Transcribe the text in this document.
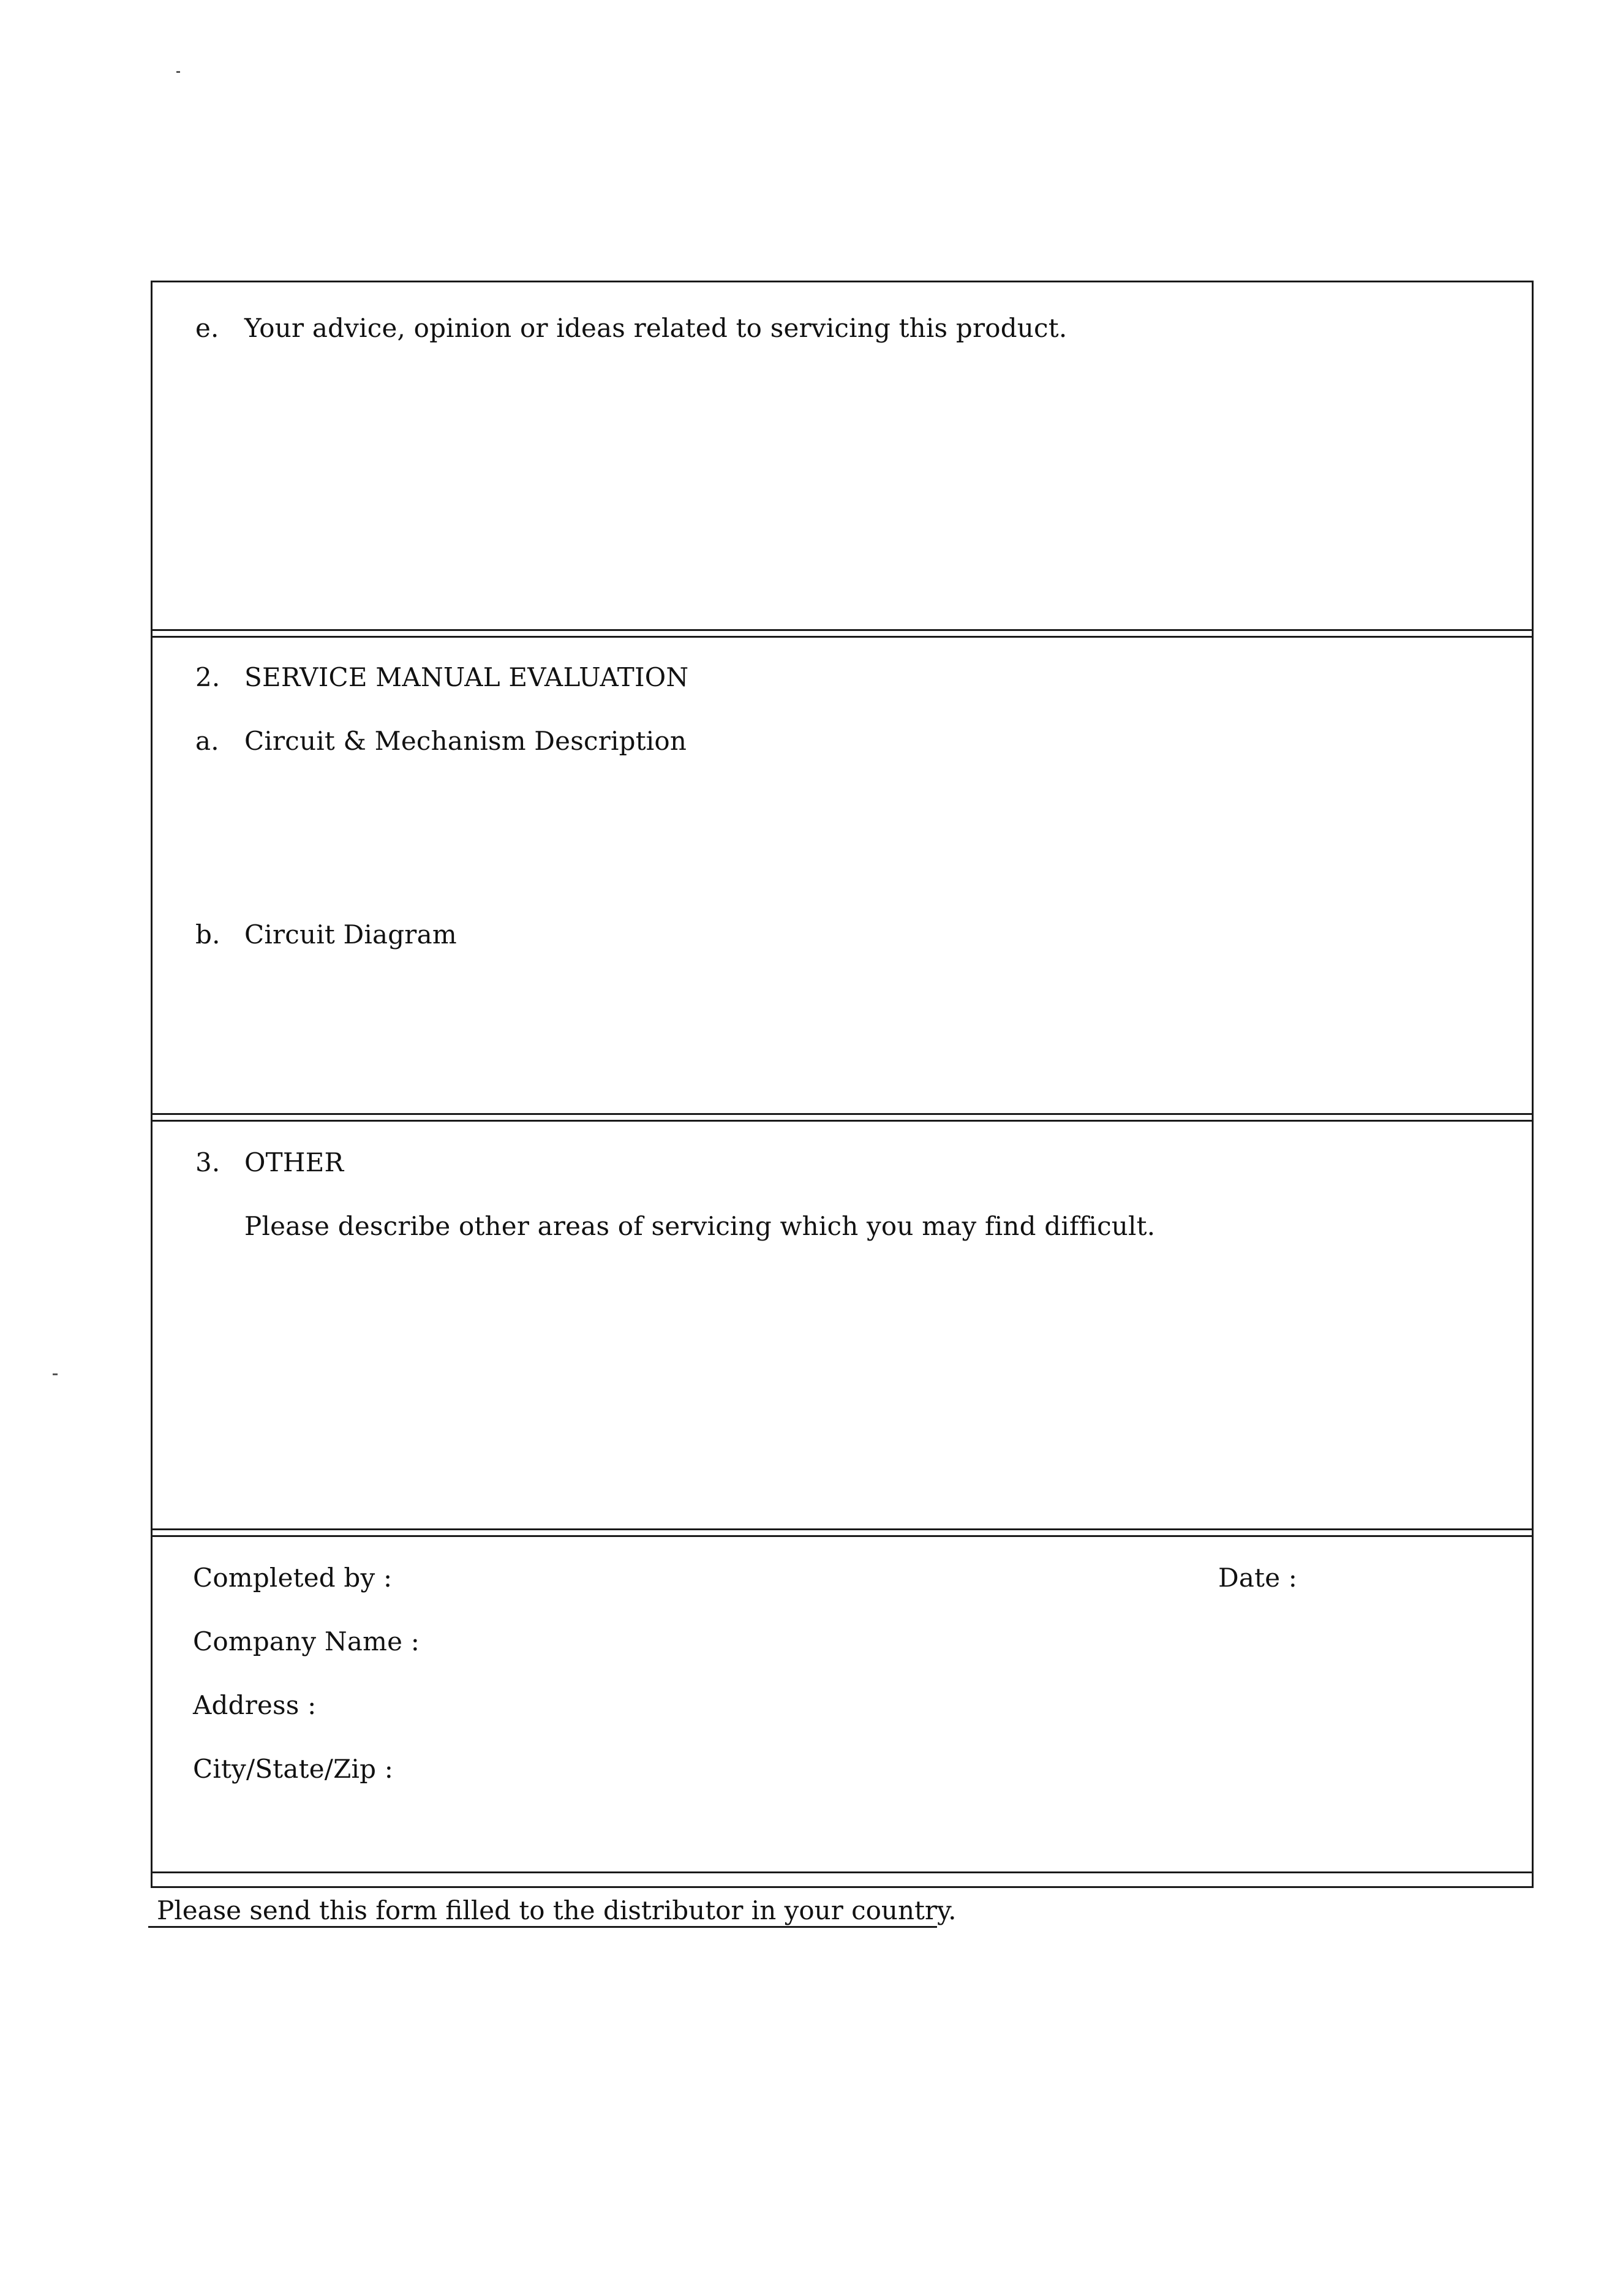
e. Your advice, opinion or ideas related to servicing this product.
2. SERVICE MANUAL EVALUATION
a. Circuit & Mechanism Description
b. Circuit Diagram
3. OTHER
Please describe other areas of servicing which you may find difficult.
Completed by :	Date :
Company Name :
Address :
City/State/Zip :
Please send this form filled to the distributor in your country.
